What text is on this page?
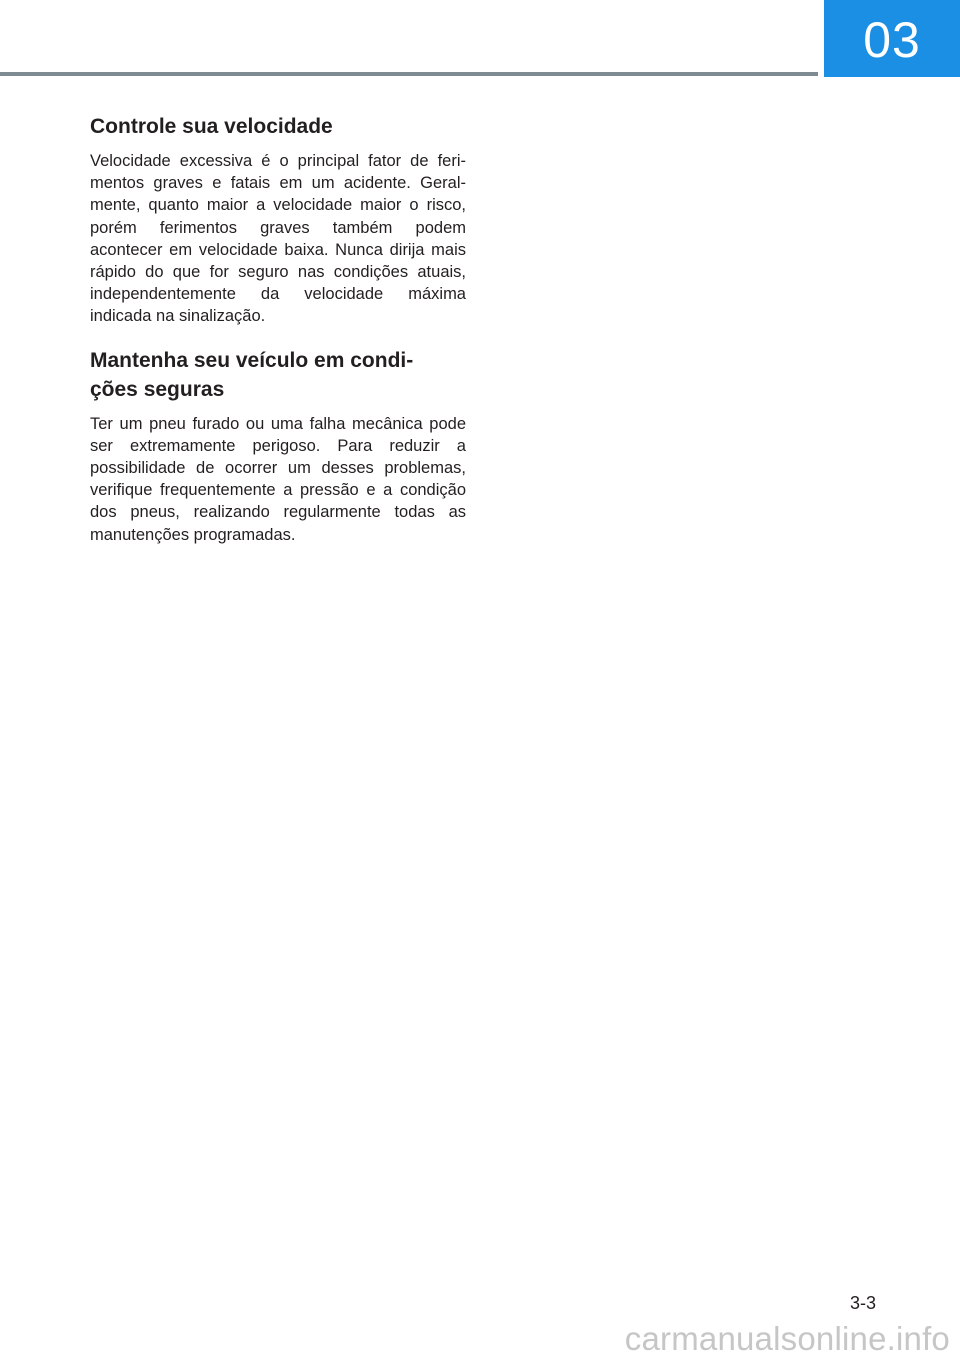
03
Controle sua velocidade

Velocidade excessiva é o principal fator de ferimentos graves e fatais em um acidente. Geralmente, quanto maior a velocidade maior o risco, porém ferimentos graves também podem acontecer em velocidade baixa. Nunca dirija mais rápido do que for seguro nas condições atuais, independentemente da velocidade máxima indicada na sinalização.

Mantenha seu veículo em condi-
ções seguras

Ter um pneu furado ou uma falha mecânica pode ser extremamente perigoso. Para reduzir a possibilidade de ocorrer um desses problemas, verifique frequentemente a pressão e a condição dos pneus, realizando regularmente todas as manutenções programadas.

3-3
carmanualsonline.info
